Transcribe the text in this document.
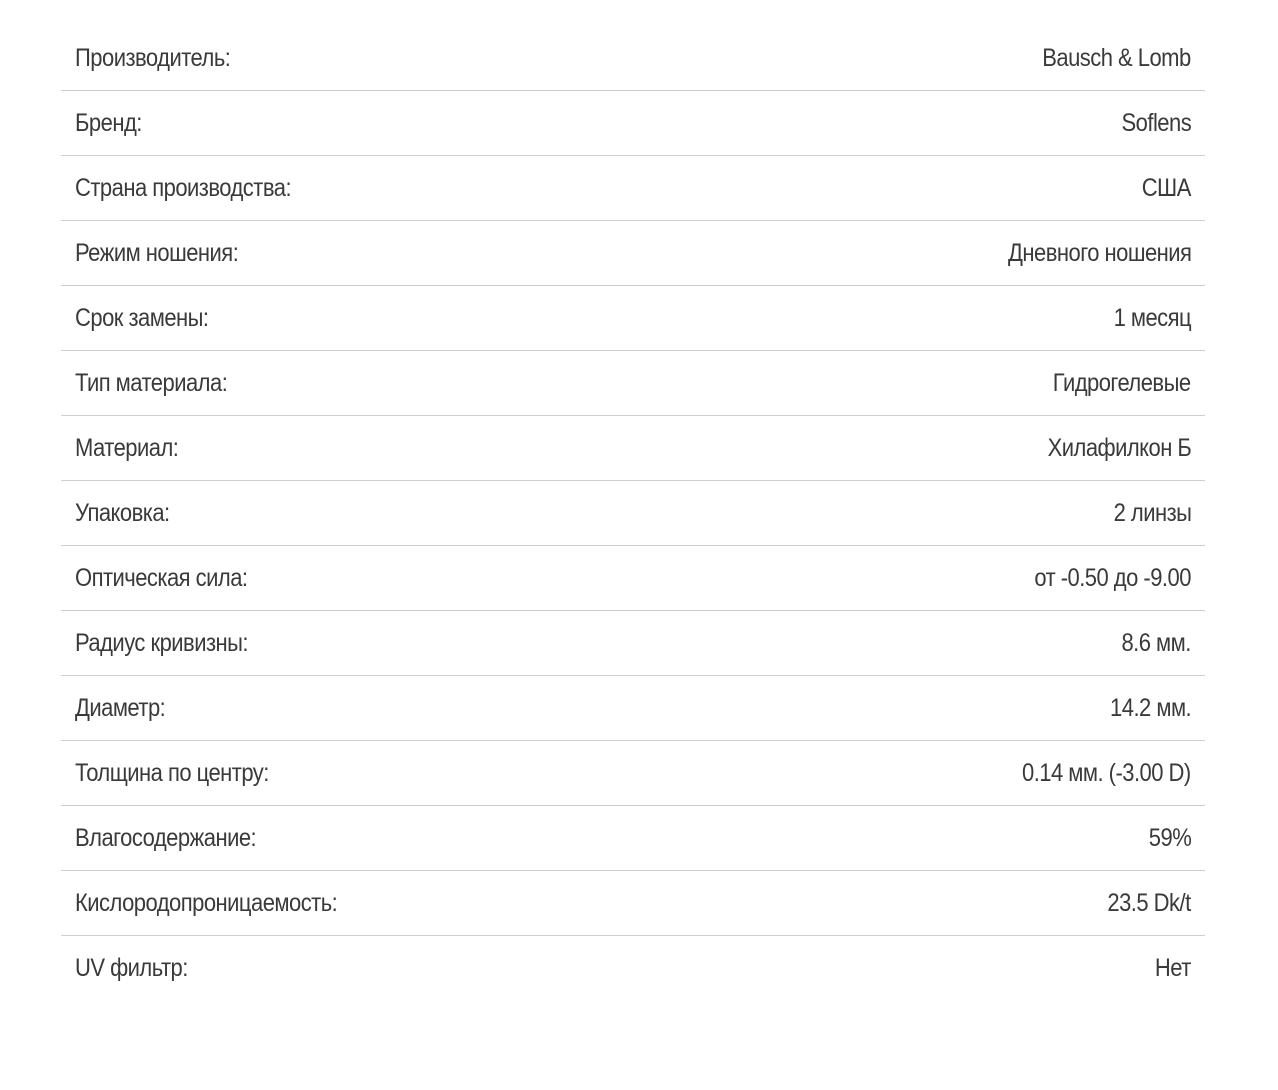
Производитель:	Bausch & Lomb
Бренд:	Soflens
Страна производства:	США
Режим ношения:	Дневного ношения
Срок замены:	1 месяц
Тип материала:	Гидрогелевые
Материал:	Хилафилкон Б
Упаковка:	2 линзы
Оптическая сила:	от -0.50 до -9.00
Радиус кривизны:	8.6 мм.
Диаметр:	14.2 мм.
Толщина по центру:	0.14 мм. (-3.00 D)
Влагосодержание:	59%
Кислородопроницаемость:	23.5 Dk/t
UV фильтр:	Нет
